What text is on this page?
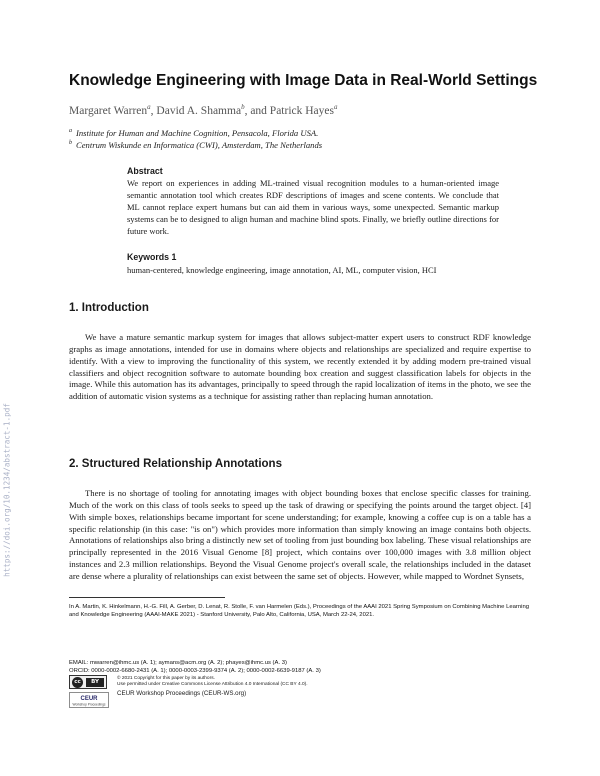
Knowledge Engineering with Image Data in Real-World Settings
Margaret Warren$^a$, David A. Shamma$^b$, and Patrick Hayes$^a$
$^a$ Institute for Human and Machine Cognition, Pensacola, Florida USA.
$^b$ Centrum Wiskunde en Informatica (CWI), Amsterdam, The Netherlands
Abstract
We report on experiences in adding ML-trained visual recognition modules to a human-oriented image semantic annotation tool which creates RDF descriptions of images and scene contents. We conclude that ML cannot replace expert humans but can aid them in various ways, some unexpected. Semantic markup systems can be to designed to align human and machine blind spots. Finally, we briefly outline directions for future work.
Keywords 1
human-centered, knowledge engineering, image annotation, AI, ML, computer vision, HCI
1. Introduction
We have a mature semantic markup system for images that allows subject-matter expert users to construct RDF knowledge graphs as image annotations, intended for use in domains where objects and relationships are specialized and require expertise to identify. With a view to improving the functionality of this system, we recently extended it by adding modern pre-trained visual classifiers and object recognition software to automate bounding box creation and suggest classification labels for objects in the image. While this automation has its advantages, principally to speed through the rapid localization of items in the photo, we see the addition of automatic vision systems as a technique for assisting rather than replacing human annotation.
2. Structured Relationship Annotations
There is no shortage of tooling for annotating images with object bounding boxes that enclose specific classes for training. Much of the work on this class of tools seeks to speed up the task of drawing or specifying the points around the target object. [4] With simple boxes, relationships became important for scene understanding; for example, knowing a coffee cup is on a table has a specific relationship (in this case: "is on") which provides more information than simply knowing an image contains both objects. Annotations of relationships also bring a distinctly new set of tooling from just bounding box labeling. These visual relationships are principally represented in the 2016 Visual Genome [8] project, which contains over 100,000 images with 3.8 million object instances and 2.3 million relationships. Beyond the Visual Genome project's overall scale, the relationships included in the dataset are dense where a plurality of relationships can exist between the same set of objects. However, while mapped to Wordnet Synsets,
https://doi.org/10.1234/abstract-1.pdf
In A. Martin, K. Hinkelmann, H.-G. Fill, A. Gerber, D. Lenat, R. Stolle, F. van Harmelen (Eds.), Proceedings of the AAAI 2021 Spring Symposium on Combining Machine Learning and Knowledge Engineering (AAAI-MAKE 2021) - Stanford University, Palo Alto, California, USA, March 22-24, 2021.
EMAIL: mwarren@ihmc.us (A. 1); aymans@acm.org (A. 2); phayes@ihmc.us (A. 3)
ORCID: 0000-0002-6680-2431 (A. 1); 0000-0003-2399-9374 (A. 2); 0000-0002-6639-9187 (A. 3)
cc	BY
© 2021 Copyright for this paper by its authors.
Use permitted under Creative Commons License Attribution 4.0 International (CC BY 4.0).
CEUR
Workshop Proceedings
CEUR Workshop Proceedings (CEUR-WS.org)
